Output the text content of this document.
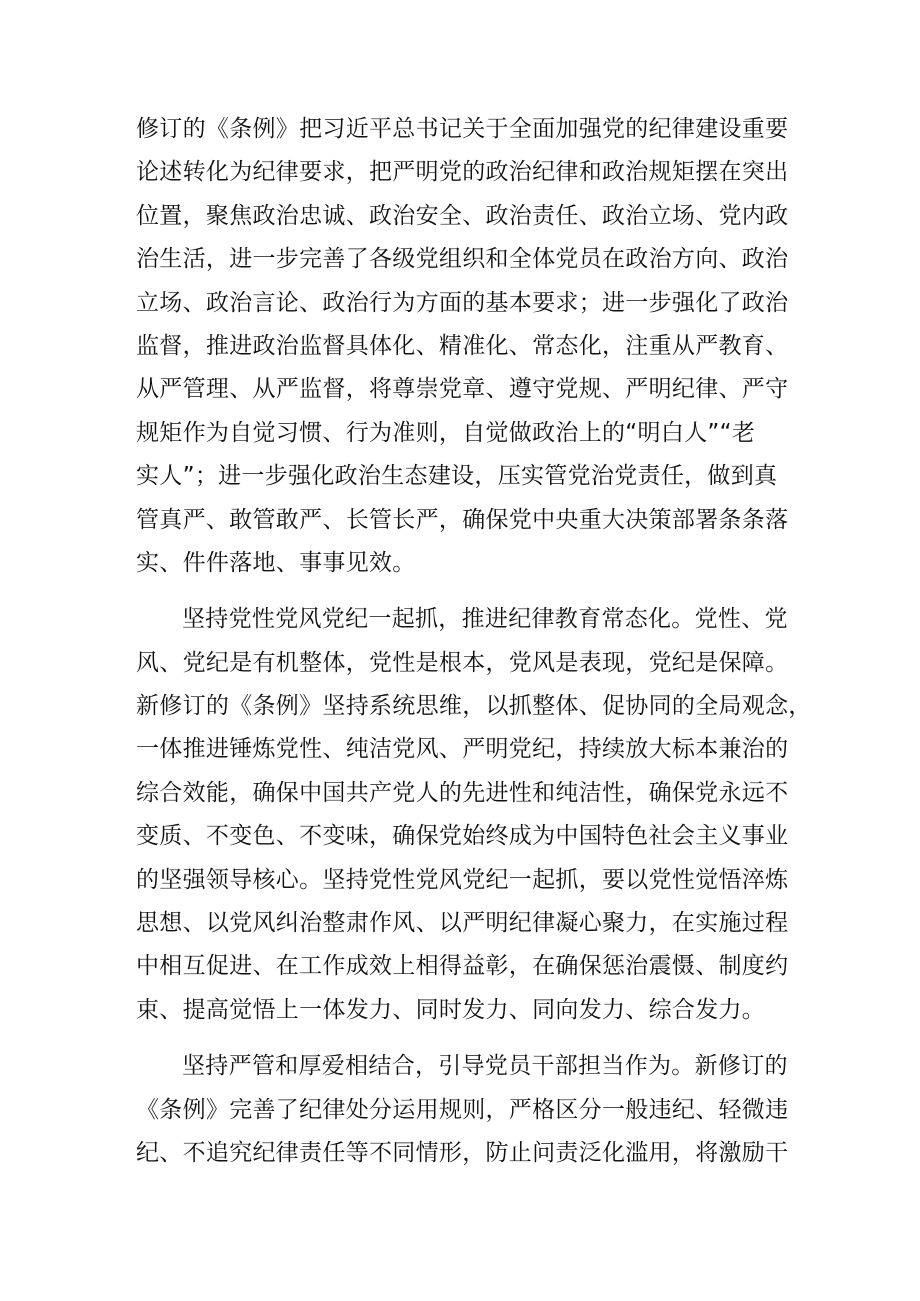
修订的《条例》把习近平总书记关于全面加强党的纪律建设重要
论述转化为纪律要求，把严明党的政治纪律和政治规矩摆在突出
位置，聚焦政治忠诚、政治安全、政治责任、政治立场、党内政
治生活，进一步完善了各级党组织和全体党员在政治方向、政治
立场、政治言论、政治行为方面的基本要求；进一步强化了政治
监督，推进政治监督具体化、精准化、常态化，注重从严教育、
从严管理、从严监督，将尊崇党章、遵守党规、严明纪律、严守
规矩作为自觉习惯、行为准则，自觉做政治上的“明白人”“老
实人”；进一步强化政治生态建设，压实管党治党责任，做到真
管真严、敢管敢严、长管长严，确保党中央重大决策部署条条落
实、件件落地、事事见效。

坚持党性党风党纪一起抓，推进纪律教育常态化。党性、党
风、党纪是有机整体，党性是根本，党风是表现，党纪是保障。
新修订的《条例》坚持系统思维，以抓整体、促协同的全局观念，
一体推进锤炼党性、纯洁党风、严明党纪，持续放大标本兼治的
综合效能，确保中国共产党人的先进性和纯洁性，确保党永远不
变质、不变色、不变味，确保党始终成为中国特色社会主义事业
的坚强领导核心。坚持党性党风党纪一起抓，要以党性觉悟淬炼
思想、以党风纠治整肃作风、以严明纪律凝心聚力，在实施过程
中相互促进、在工作成效上相得益彰，在确保惩治震慑、制度约
束、提高觉悟上一体发力、同时发力、同向发力、综合发力。

坚持严管和厚爱相结合，引导党员干部担当作为。新修订的
《条例》完善了纪律处分运用规则，严格区分一般违纪、轻微违
纪、不追究纪律责任等不同情形，防止问责泛化滥用，将激励干
